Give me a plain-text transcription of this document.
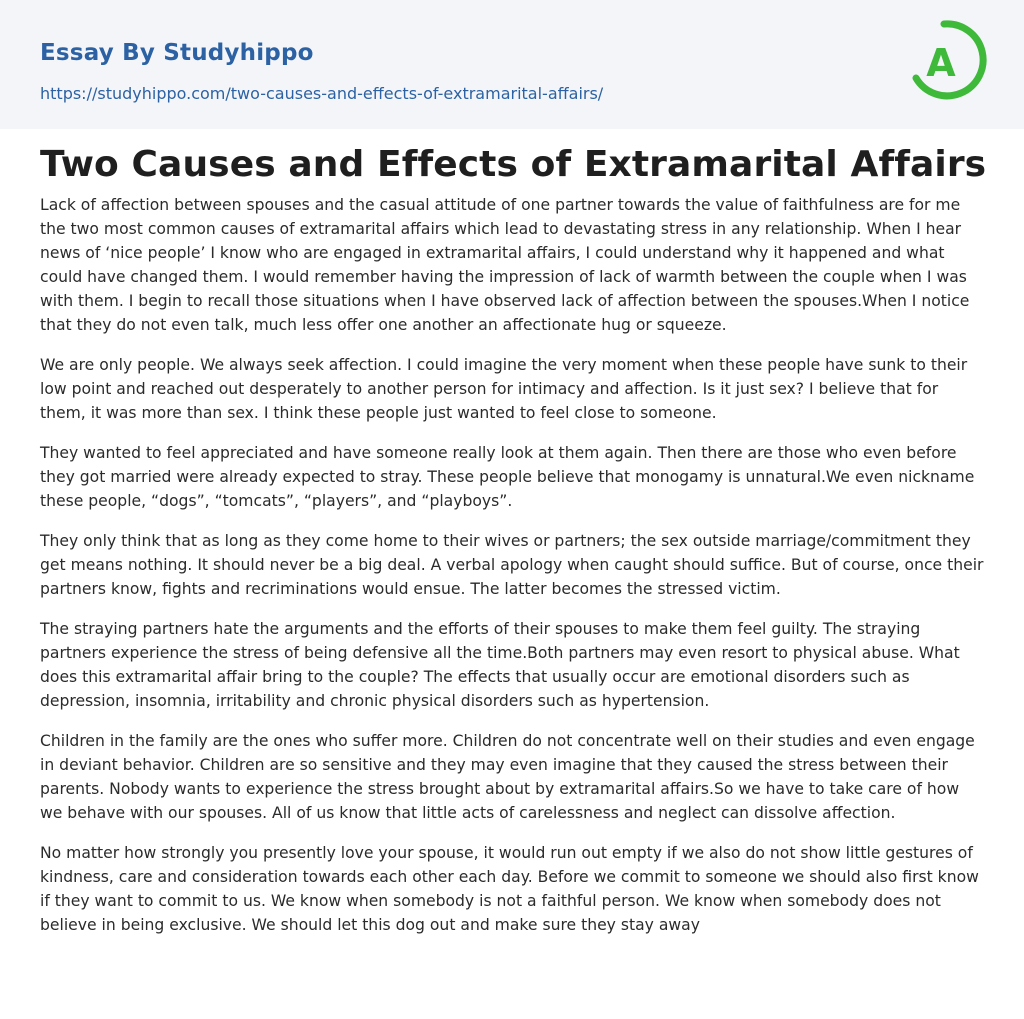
Essay By Studyhippo
https://studyhippo.com/two-causes-and-effects-of-extramarital-affairs/
A
Two Causes and Effects of Extramarital Affairs

Lack of affection between spouses and the casual attitude of one partner towards the value of faithfulness are for me the two most common causes of extramarital affairs which lead to devastating stress in any relationship. When I hear news of ‘nice people’ I know who are engaged in extramarital affairs, I could understand why it happened and what could have changed them. I would remember having the impression of lack of warmth between the couple when I was with them. I begin to recall those situations when I have observed lack of affection between the spouses.When I notice that they do not even talk, much less offer one another an affectionate hug or squeeze.

We are only people. We always seek affection. I could imagine the very moment when these people have sunk to their low point and reached out desperately to another person for intimacy and affection. Is it just sex? I believe that for them, it was more than sex. I think these people just wanted to feel close to someone.

They wanted to feel appreciated and have someone really look at them again. Then there are those who even before they got married were already expected to stray. These people believe that monogamy is unnatural.We even nickname these people, “dogs”, “tomcats”, “players”, and “playboys”.

They only think that as long as they come home to their wives or partners; the sex outside marriage/commitment they get means nothing. It should never be a big deal. A verbal apology when caught should suffice. But of course, once their partners know, fights and recriminations would ensue. The latter becomes the stressed victim.

The straying partners hate the arguments and the efforts of their spouses to make them feel guilty. The straying partners experience the stress of being defensive all the time.Both partners may even resort to physical abuse. What does this extramarital affair bring to the couple? The effects that usually occur are emotional disorders such as depression, insomnia, irritability and chronic physical disorders such as hypertension.

Children in the family are the ones who suffer more. Children do not concentrate well on their studies and even engage in deviant behavior. Children are so sensitive and they may even imagine that they caused the stress between their parents. Nobody wants to experience the stress brought about by extramarital affairs.So we have to take care of how we behave with our spouses. All of us know that little acts of carelessness and neglect can dissolve affection.

No matter how strongly you presently love your spouse, it would run out empty if we also do not show little gestures of kindness, care and consideration towards each other each day. Before we commit to someone we should also first know if they want to commit to us. We know when somebody is not a faithful person. We know when somebody does not believe in being exclusive. We should let this dog out and make sure they stay away
